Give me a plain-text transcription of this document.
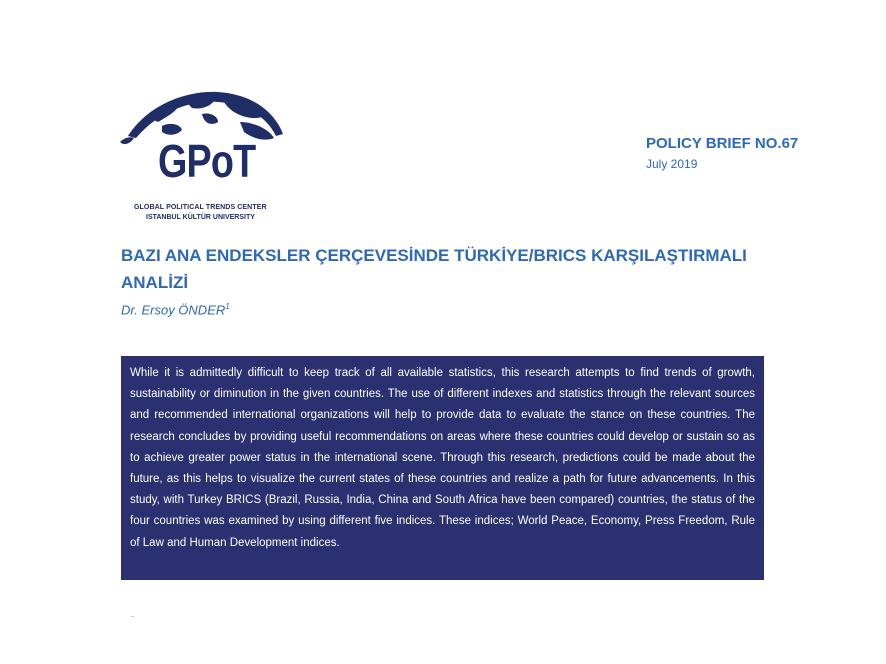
GPoT
GLOBAL POLITICAL TRENDS CENTER
ISTANBUL KÜLTÜR UNIVERSITY
POLICY BRIEF NO.67
July 2019
BAZI ANA ENDEKSLER ÇERÇEVESİNDE TÜRKİYE/BRICS KARŞILAŞTIRMALI ANALİZİ
Dr. Ersoy ÖNDER$^1$

While it is admittedly difficult to keep track of all available statistics, this research attempts to find trends of growth, sustainability or diminution in the given countries. The use of different indexes and statistics through the relevant sources and recommended international organizations will help to provide data to evaluate the stance on these countries. The research concludes by providing useful recommendations on areas where these countries could develop or sustain so as to achieve greater power status in the international scene. Through this research, predictions could be made about the future, as this helps to visualize the current states of these countries and realize a path for future advancements. In this study, with Turkey BRICS (Brazil, Russia, India, China and South Africa have been compared) countries, the status of the four countries was examined by using different five indices. These indices; World Peace, Economy, Press Freedom, Rule of Law and Human Development indices.
